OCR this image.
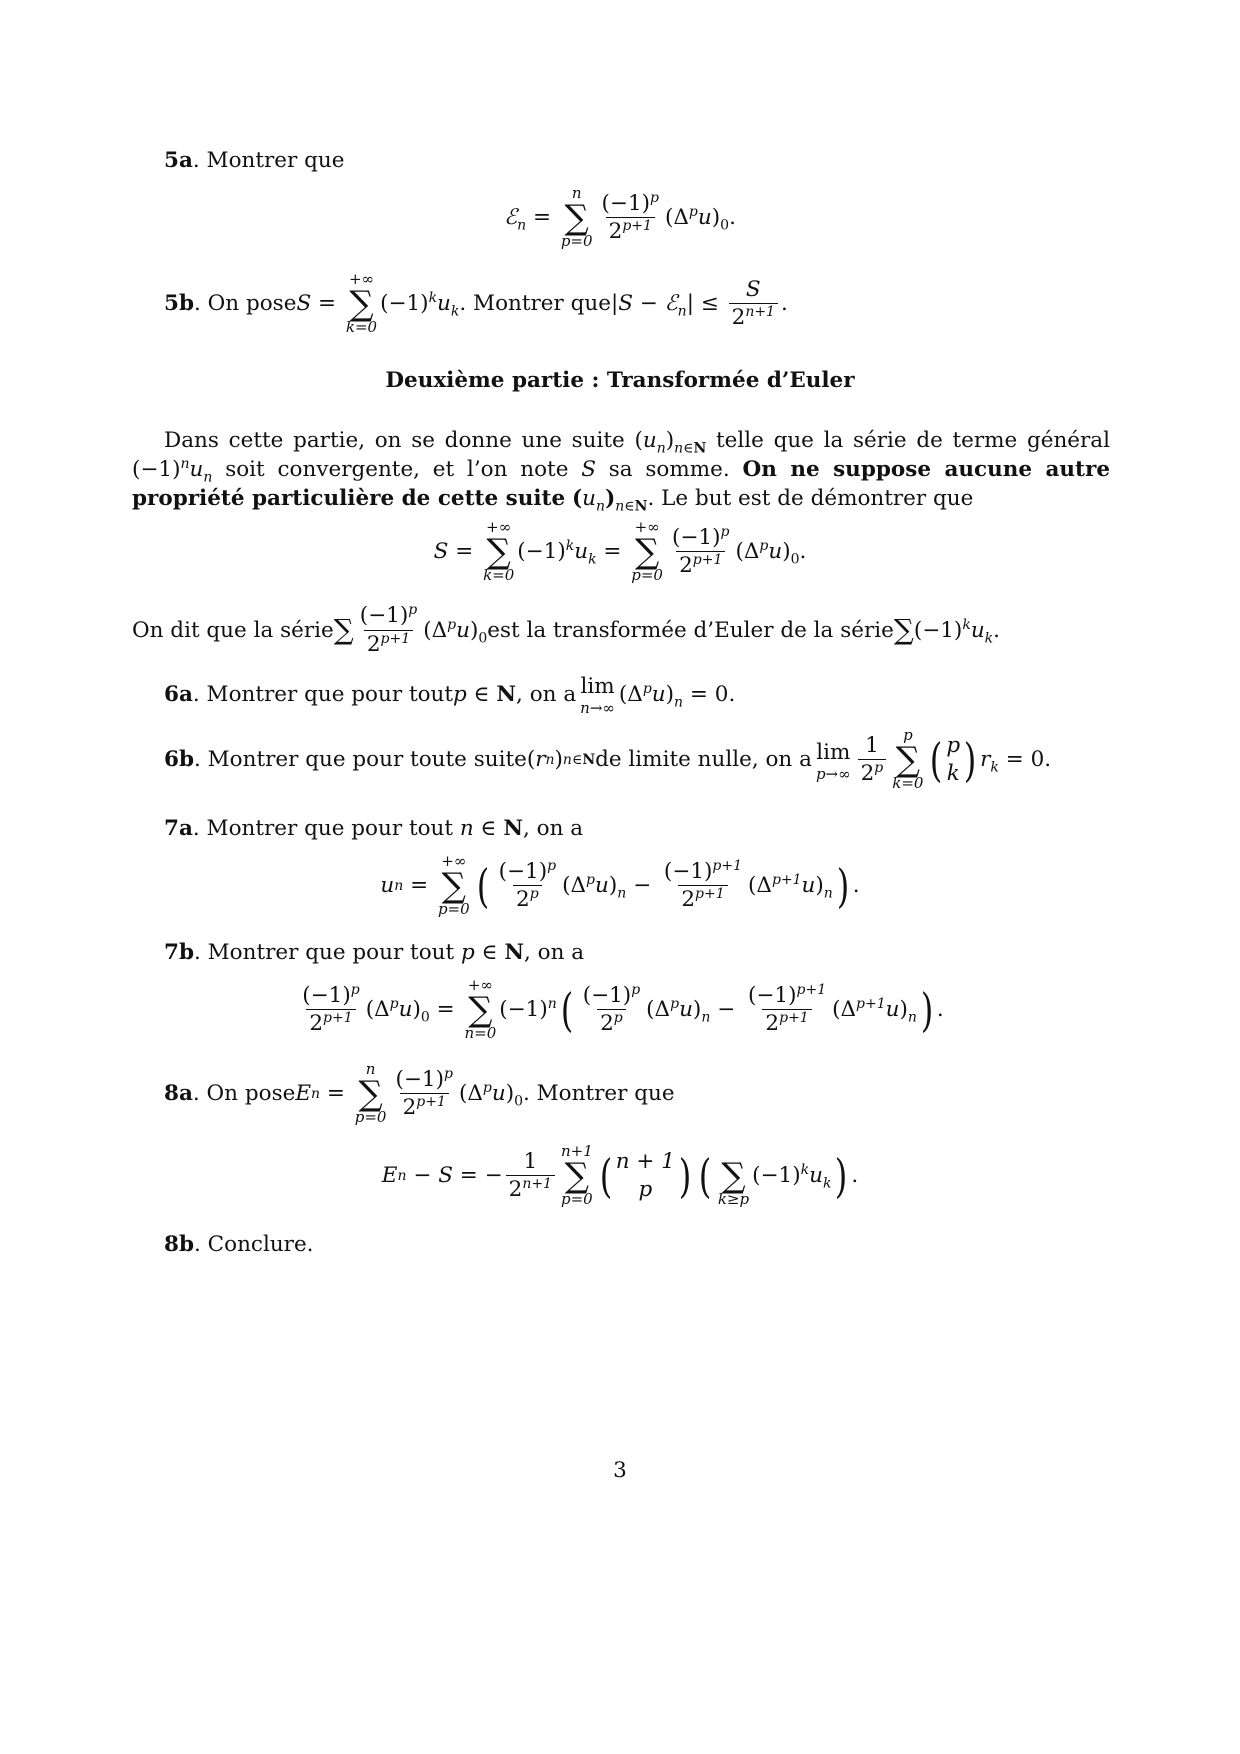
5a. Montrer que
ℰ$_n$ =
n
∑
$p=0 \frac{(-1)^p}{2^{p+1}} (\Delta^pu)_0$.
5b . On pose S =
+∞
∑
k=0
$(-1)^ku_k$ . Montrer que |S − ℰ$_n$| ≤ $\frac{S}{2^{n+1}}$ .
Deuxième partie : Transformée d’Euler
Dans cette partie, on se donne une suite $(u_n)_{n\in N}$ telle que la série de terme général $(-1)^nu_n$ soit convergente, et l’on note S sa somme. On ne suppose aucune autre propriété particulière de cette suite $(u_n)_{n\in N}$. Le but est de démontrer que
S =
+∞
∑
k=0
$(-1)^ku_k$ =
+∞
∑
$p=0 \frac{(-1)^p}{2^{p+1}} (\Delta^pu)_0$.
On dit que la série ∑ $\frac{(-1)^p}{2^{p+1}} (\Delta^pu)_0$ est la transformée d’Euler de la série ∑ $(-1)^ku_k$.
6a . Montrer que pour tout p ∈ N , on a lim
n→∞
$(\Delta^pu)_n = 0$.
6b . Montrer que pour toute suite ( r n ) n∈N de limite nulle, on a lim
$p\to\infty \frac{1}{2^p}$ p
∑
k=0 ( p
k ) $r_k = 0$.
7a. Montrer que pour tout n ∈ N, on a
u n =
+∞
∑
p=0 ( $\frac{(-1)^p}{2^p} (\Delta^pu)_n - \frac{(-1)^{p+1}}{2^{p+1}} (\Delta^{p+1}u)_n$ ) .
7b. Montrer que pour tout p ∈ N, on a
$\frac{(-1)^p}{2^{p+1}} (\Delta^pu)_0$ =
+∞
∑
n=0
$(-1)^n$ ( $\frac{(-1)^p}{2^p} (\Delta^pu)_n - \frac{(-1)^{p+1}}{2^{p+1}} (\Delta^{p+1}u)_n$ ) .
8a . On pose E n =
n
∑
$p=0 \frac{(-1)^p}{2^{p+1}} (\Delta^pu)_0$ . Montrer que
E n − S = − $\frac{1}{2^{n+1}} n+1$
∑
p=0 ( n + 1
p ) (
∑
k≥p
$(-1)^ku_k$ ) .
8b. Conclure.
3
